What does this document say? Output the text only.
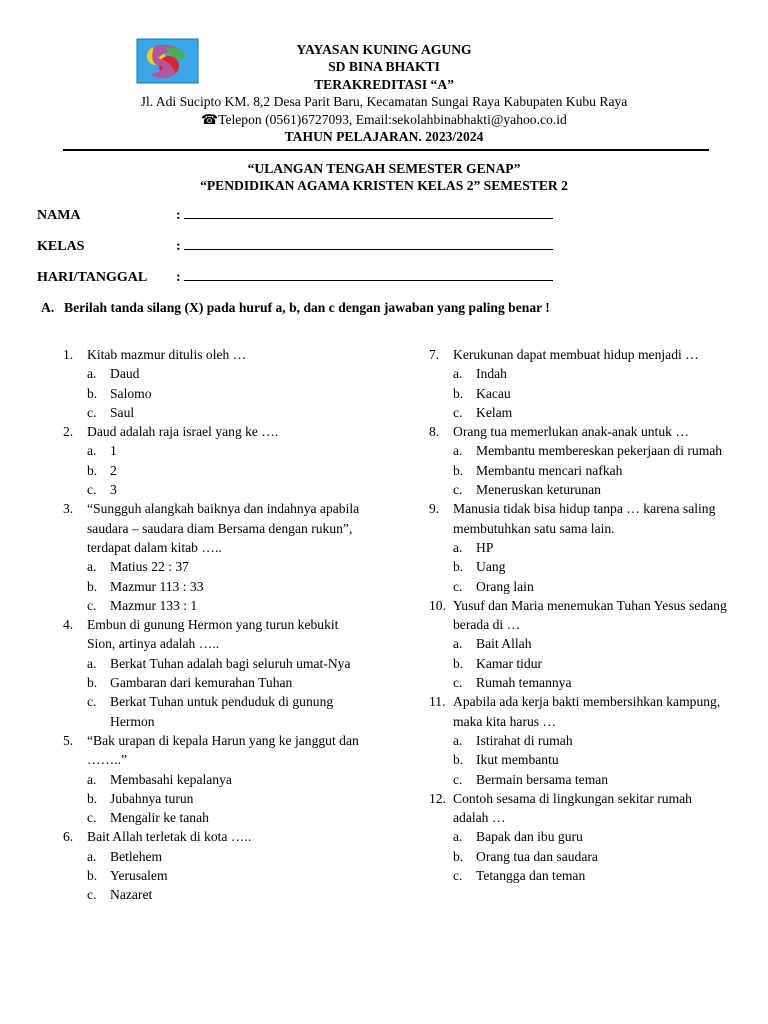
YAYASAN KUNING AGUNG
SD BINA BHAKTI
TERAKREDITASI “A”
Jl. Adi Sucipto KM. 8,2 Desa Parit Baru, Kecamatan Sungai Raya Kabupaten Kubu Raya
☎Telepon (0561)6727093, Email:sekolahbinabhakti@yahoo.co.id
TAHUN PELAJARAN. 2023/2024
“ULANGAN TENGAH SEMESTER GENAP”
“PENDIDIKAN AGAMA KRISTEN KELAS 2” SEMESTER 2
NAMA	:
KELAS	:
HARI/TANGGAL :
A. Berilah tanda silang (X) pada huruf a, b, dan c dengan jawaban yang paling benar !
1.	Kitab mazmur ditulis oleh …
a. Daud
b. Salomo
c. Saul
2.	Daud adalah raja israel yang ke ….
a. 1
b. 2
c. 3
3.	“Sungguh alangkah baiknya dan indahnya apabila saudara – saudara diam Bersama dengan rukun”, terdapat dalam kitab …..
a. Matius 22 : 37
b. Mazmur 113 : 33
c. Mazmur 133 : 1
4.	Embun di gunung Hermon yang turun kebukit Sion, artinya adalah …..
a. Berkat Tuhan adalah bagi seluruh umat-Nya
b. Gambaran dari kemurahan Tuhan
c. Berkat Tuhan untuk penduduk di gunung Hermon
5.	“Bak urapan di kepala Harun yang ke janggut dan ……..”
a. Membasahi kepalanya
b. Jubahnya turun
c. Mengalir ke tanah
6.	Bait Allah terletak di kota …..
a. Betlehem
b. Yerusalem
c. Nazaret
7.	Kerukunan dapat membuat hidup menjadi …
a. Indah
b. Kacau
c. Kelam
8.	Orang tua memerlukan anak-anak untuk …
a. Membantu membereskan pekerjaan di rumah
b. Membantu mencari nafkah
c. Meneruskan keturunan
9.	Manusia tidak bisa hidup tanpa … karena saling membutuhkan satu sama lain.
a. HP
b. Uang
c. Orang lain
10. Yusuf dan Maria menemukan Tuhan Yesus sedang berada di …
a. Bait Allah
b. Kamar tidur
c. Rumah temannya
11. Apabila ada kerja bakti membersihkan kampung, maka kita harus …
a. Istirahat di rumah
b. Ikut membantu
c. Bermain bersama teman
12. Contoh sesama di lingkungan sekitar rumah adalah …
a. Bapak dan ibu guru
b. Orang tua dan saudara
c. Tetangga dan teman
